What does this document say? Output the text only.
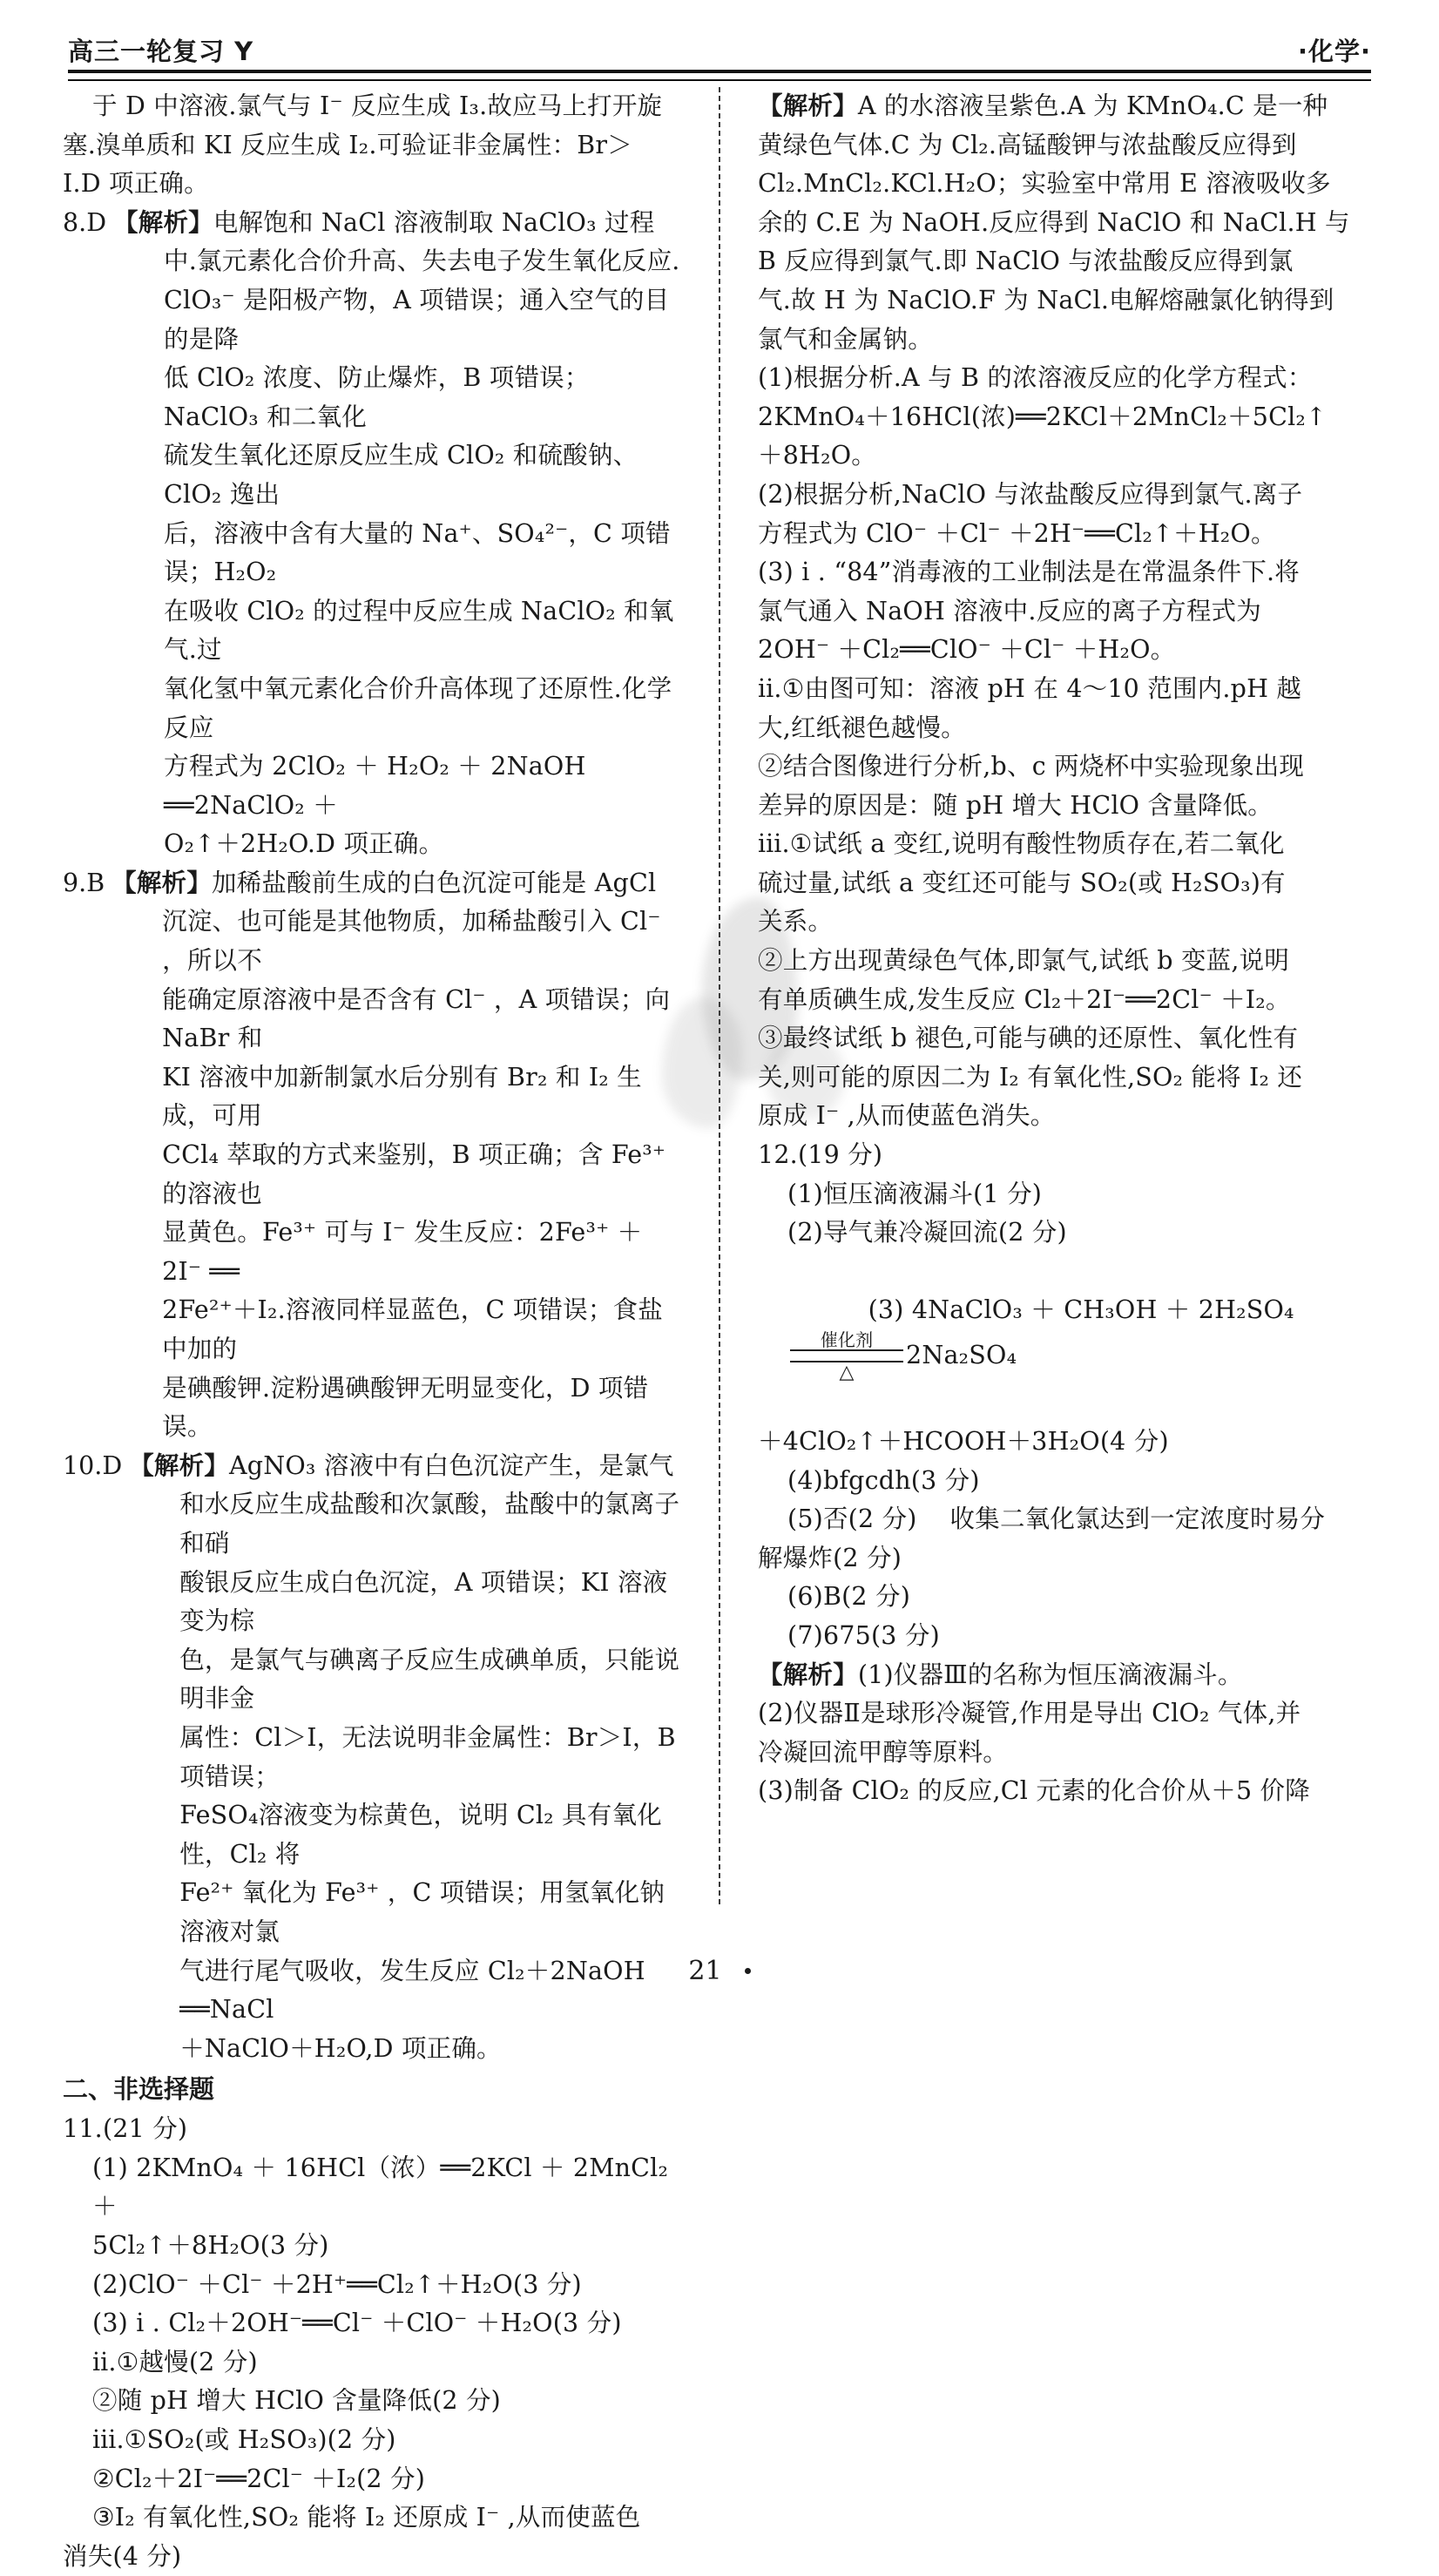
高三一轮复习 Y	·化学·
于 D 中溶液.氯气与 I⁻ 反应生成 I₃.故应马上打开旋
塞.溴单质和 KI 反应生成 I₂.可验证非金属性：Br＞
I.D 项正确。
8.D 【解析】电解饱和 NaCl 溶液制取 NaClO₃ 过程
中.氯元素化合价升高、失去电子发生氧化反应.
ClO₃⁻ 是阳极产物，A 项错误；通入空气的目的是降
低 ClO₂ 浓度、防止爆炸，B 项错误；NaClO₃ 和二氧化
硫发生氧化还原反应生成 ClO₂ 和硫酸钠、ClO₂ 逸出
后，溶液中含有大量的 Na⁺、SO₄²⁻，C 项错误；H₂O₂
在吸收 ClO₂ 的过程中反应生成 NaClO₂ 和氧气.过
氧化氢中氧元素化合价升高体现了还原性.化学反应
方程式为 2ClO₂ ＋ H₂O₂ ＋ 2NaOH ══2NaClO₂ ＋
O₂↑＋2H₂O.D 项正确。
9.B 【解析】加稀盐酸前生成的白色沉淀可能是 AgCl
沉淀、也可能是其他物质，加稀盐酸引入 Cl⁻ ，所以不
能确定原溶液中是否含有 Cl⁻ ，A 项错误；向 NaBr 和
KI 溶液中加新制氯水后分别有 Br₂ 和 I₂ 生成，可用
CCl₄ 萃取的方式来鉴别，B 项正确；含 Fe³⁺ 的溶液也
显黄色。Fe³⁺ 可与 I⁻ 发生反应：2Fe³⁺ ＋ 2I⁻ ══
2Fe²⁺＋I₂.溶液同样显蓝色，C 项错误；食盐中加的
是碘酸钾.淀粉遇碘酸钾无明显变化，D 项错误。
10.D 【解析】AgNO₃ 溶液中有白色沉淀产生，是氯气
和水反应生成盐酸和次氯酸，盐酸中的氯离子和硝
酸银反应生成白色沉淀，A 项错误；KI 溶液变为棕
色，是氯气与碘离子反应生成碘单质，只能说明非金
属性：Cl＞I，无法说明非金属性：Br＞I，B 项错误；
FeSO₄溶液变为棕黄色，说明 Cl₂ 具有氧化性，Cl₂ 将
Fe²⁺ 氧化为 Fe³⁺ ，C 项错误；用氢氧化钠溶液对氯
气进行尾气吸收，发生反应 Cl₂＋2NaOH ══NaCl
＋NaClO＋H₂O,D 项正确。
二、非选择题
11.(21 分)
(1) 2KMnO₄ ＋ 16HCl（浓）══2KCl ＋ 2MnCl₂ ＋
5Cl₂↑＋8H₂O(3 分)
(2)ClO⁻ ＋Cl⁻ ＋2H⁺══Cl₂↑＋H₂O(3 分)
(3) i . Cl₂＋2OH⁻══Cl⁻ ＋ClO⁻ ＋H₂O(3 分)
ⅱ.①越慢(2 分)
②随 pH 增大 HClO 含量降低(2 分)
ⅲ.①SO₂(或 H₂SO₃)(2 分)
②Cl₂＋2I⁻══2Cl⁻ ＋I₂(2 分)
③I₂ 有氧化性,SO₂ 能将 I₂ 还原成 I⁻ ,从而使蓝色
消失(4 分)
【解析】A 的水溶液呈紫色.A 为 KMnO₄.C 是一种
黄绿色气体.C 为 Cl₂.高锰酸钾与浓盐酸反应得到
Cl₂.MnCl₂.KCl.H₂O；实验室中常用 E 溶液吸收多
余的 C.E 为 NaOH.反应得到 NaClO 和 NaCl.H 与
B 反应得到氯气.即 NaClO 与浓盐酸反应得到氯
气.故 H 为 NaClO.F 为 NaCl.电解熔融氯化钠得到
氯气和金属钠。
(1)根据分析.A 与 B 的浓溶液反应的化学方程式：
2KMnO₄＋16HCl(浓)══2KCl＋2MnCl₂＋5Cl₂↑
＋8H₂O。
(2)根据分析,NaClO 与浓盐酸反应得到氯气.离子
方程式为 ClO⁻ ＋Cl⁻ ＋2H⁻══Cl₂↑＋H₂O。
(3) i . “84”消毒液的工业制法是在常温条件下.将
氯气通入 NaOH 溶液中.反应的离子方程式为
2OH⁻ ＋Cl₂══ClO⁻ ＋Cl⁻ ＋H₂O。
ⅱ.①由图可知：溶液 pH 在 4～10 范围内.pH 越
大,红纸褪色越慢。
②结合图像进行分析,b、c 两烧杯中实验现象出现
差异的原因是：随 pH 增大 HClO 含量降低。
ⅲ.①试纸 a 变红,说明有酸性物质存在,若二氧化
硫过量,试纸 a 变红还可能与 SO₂(或 H₂SO₃)有
关系。
②上方出现黄绿色气体,即氯气,试纸 b 变蓝,说明
有单质碘生成,发生反应 Cl₂＋2I⁻══2Cl⁻ ＋I₂。
③最终试纸 b 褪色,可能与碘的还原性、氧化性有
关,则可能的原因二为 I₂ 有氧化性,SO₂ 能将 I₂ 还
原成 I⁻ ,从而使蓝色消失。
12.(19 分)
(1)恒压滴液漏斗(1 分)
(2)导气兼冷凝回流(2 分)

(3) 4NaClO₃ ＋ CH₃OH ＋ 2H₂SO₄
催化剂
△
2Na₂SO₄

＋4ClO₂↑＋HCOOH＋3H₂O(4 分)
(4)bfgcdh(3 分)
(5)否(2 分)　 收集二氧化氯达到一定浓度时易分
解爆炸(2 分)
(6)B(2 分)
(7)675(3 分)
【解析】(1)仪器Ⅲ的名称为恒压滴液漏斗。
(2)仪器Ⅱ是球形冷凝管,作用是导出 ClO₂ 气体,并
冷凝回流甲醇等原料。
(3)制备 ClO₂ 的反应,Cl 元素的化合价从＋5 价降
21
